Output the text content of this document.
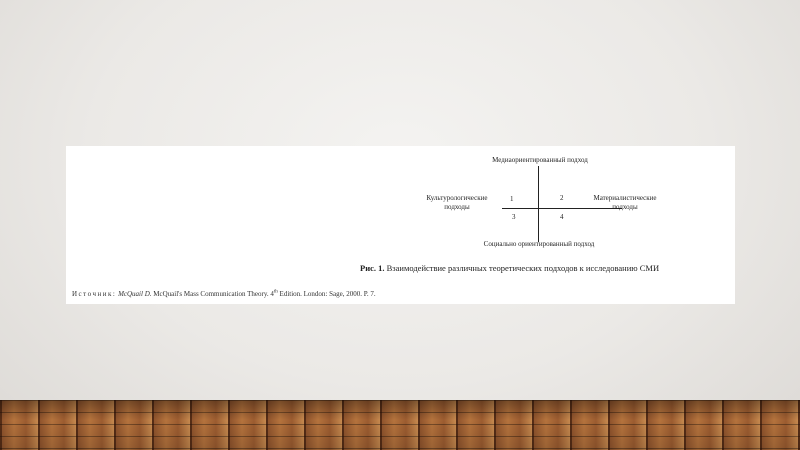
Медиаориентированный подход
Социально ориентированный подход
Культурологические
подходы
Материалистические
подходы
1	2
3	4
Рис. 1. Взаимодействие различных теоретических подходов к исследованию СМИ
Источник: McQuail D. McQuail's Mass Communication Theory. 4th Edition. London: Sage, 2000. P. 7.
